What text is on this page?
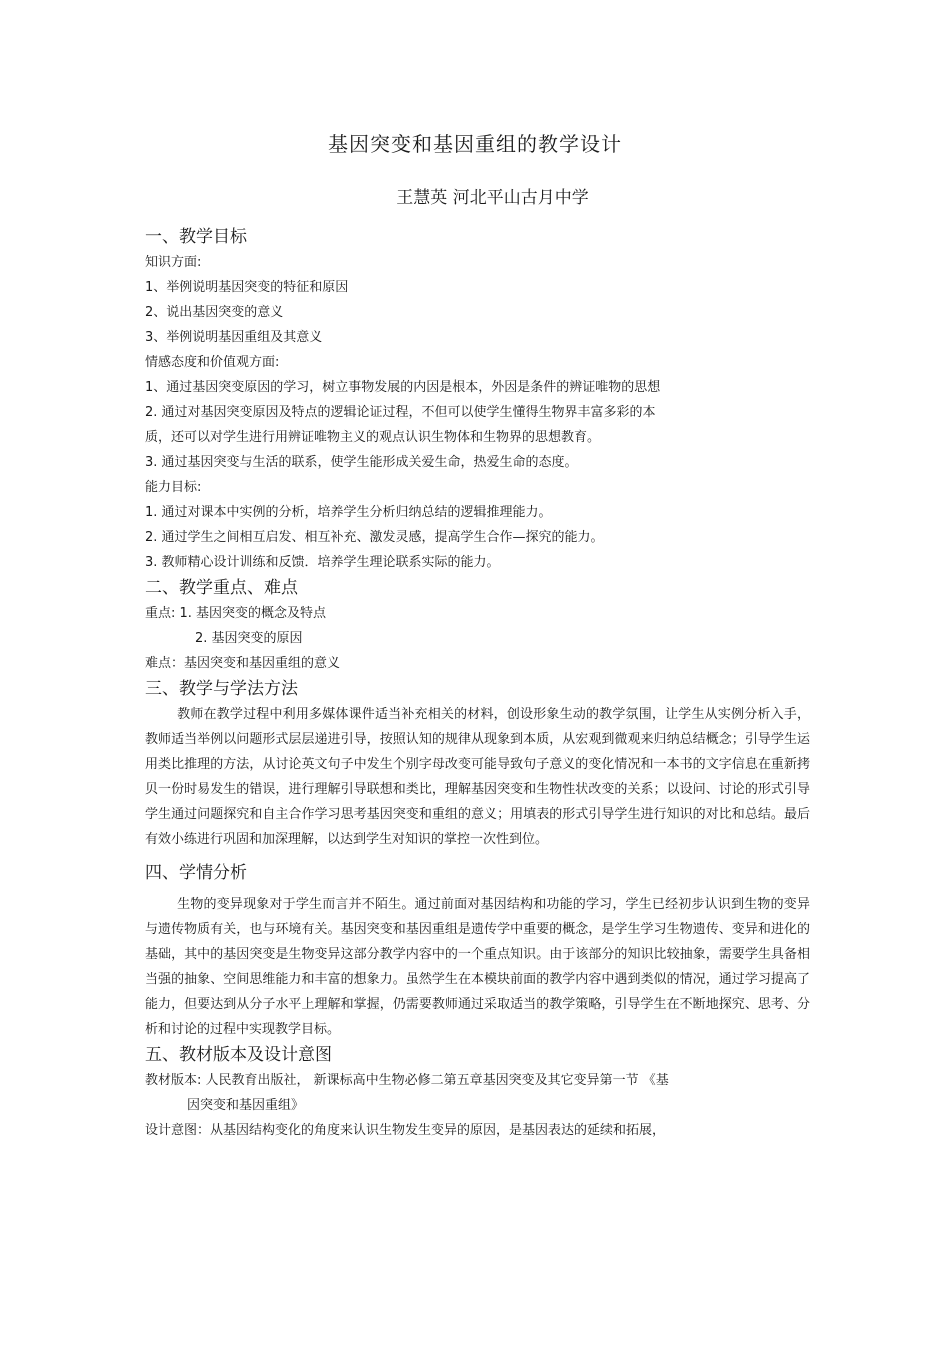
基因突变和基因重组的教学设计
王慧英 河北平山古月中学
一、教学目标
知识方面:
1、举例说明基因突变的特征和原因
2、说出基因突变的意义
3、举例说明基因重组及其意义
情感态度和价值观方面:
1、通过基因突变原因的学习，树立事物发展的内因是根本，外因是条件的辨证唯物的思想
2. 通过对基因突变原因及特点的逻辑论证过程，不但可以使学生懂得生物界丰富多彩的本
质，还可以对学生进行用辨证唯物主义的观点认识生物体和生物界的思想教育。
3. 通过基因突变与生活的联系，使学生能形成关爱生命，热爱生命的态度。
能力目标:
1. 通过对课本中实例的分析，培养学生分析归纳总结的逻辑推理能力。
2. 通过学生之间相互启发、相互补充、激发灵感，提高学生合作—探究的能力。
3. 教师精心设计训练和反馈．培养学生理论联系实际的能力。
二、教学重点、难点
重点: 1. 基因突变的概念及特点
2. 基因突变的原因
难点：基因突变和基因重组的意义
三、教学与学法方法
教师在教学过程中利用多媒体课件适当补充相关的材料，创设形象生动的教学氛围，让学生从实例分析入手，教师适当举例以问题形式层层递进引导，按照认知的规律从现象到本质，从宏观到微观来归纳总结概念；引导学生运用类比推理的方法，从讨论英文句子中发生个别字母改变可能导致句子意义的变化情况和一本书的文字信息在重新拷贝一份时易发生的错误，进行理解引导联想和类比，理解基因突变和生物性状改变的关系；以设问、讨论的形式引导学生通过问题探究和自主合作学习思考基因突变和重组的意义；用填表的形式引导学生进行知识的对比和总结。最后有效小练进行巩固和加深理解，以达到学生对知识的掌控一次性到位。
四、学情分析
生物的变异现象对于学生而言并不陌生。通过前面对基因结构和功能的学习，学生已经初步认识到生物的变异与遗传物质有关，也与环境有关。基因突变和基因重组是遗传学中重要的概念，是学生学习生物遗传、变异和进化的基础，其中的基因突变是生物变异这部分教学内容中的一个重点知识。由于该部分的知识比较抽象，需要学生具备相当强的抽象、空间思维能力和丰富的想象力。虽然学生在本模块前面的教学内容中遇到类似的情况，通过学习提高了能力，但要达到从分子水平上理解和掌握，仍需要教师通过采取适当的教学策略，引导学生在不断地探究、思考、分析和讨论的过程中实现教学目标。
五、教材版本及设计意图
教材版本: 人民教育出版社， 新课标高中生物必修二第五章基因突变及其它变异第一节 《基
因突变和基因重组》
设计意图：从基因结构变化的角度来认识生物发生变异的原因，是基因表达的延续和拓展，
